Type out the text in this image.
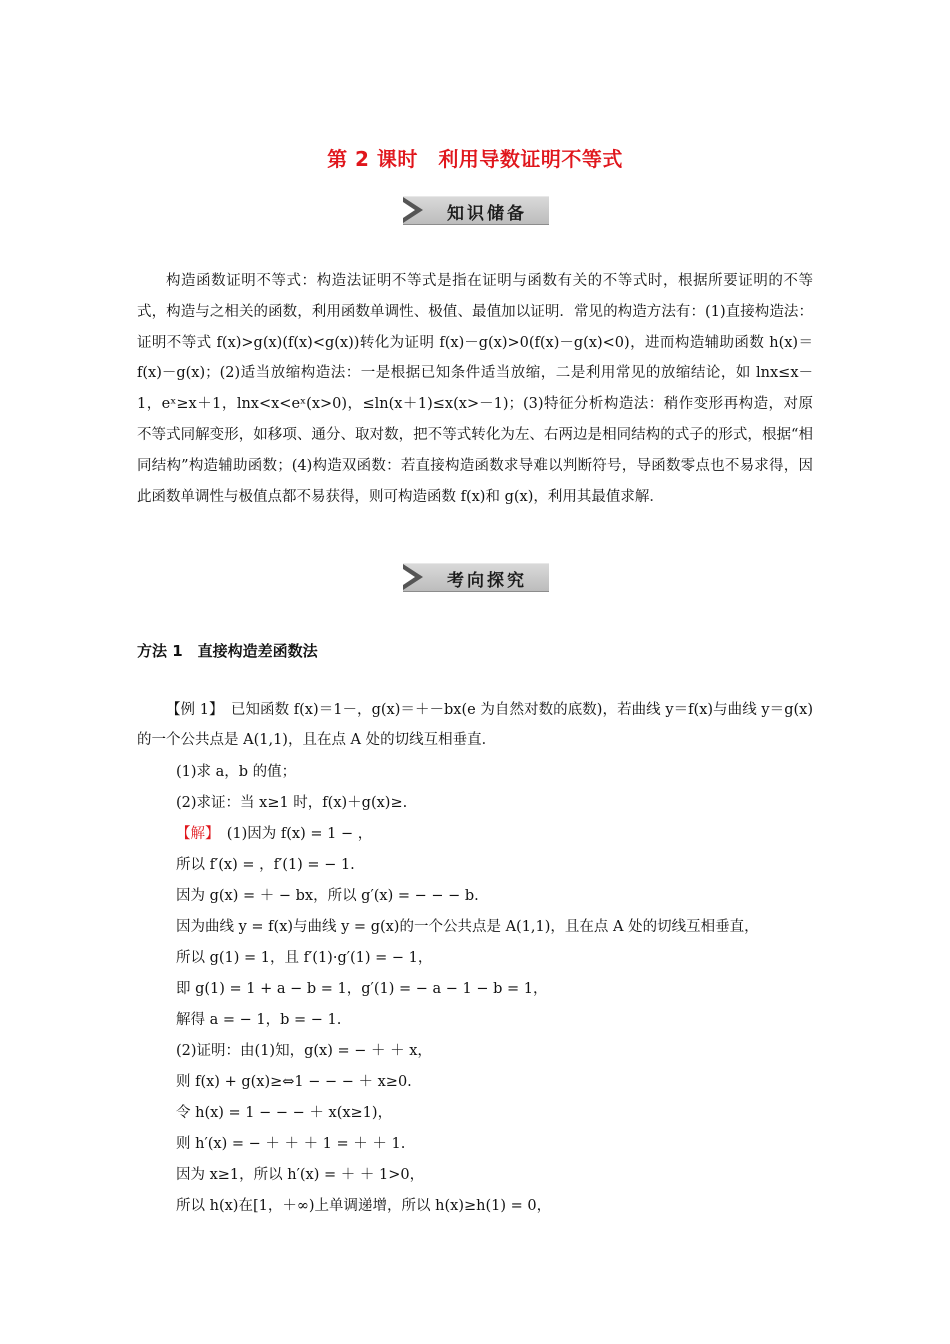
第 2 课时　利用导数证明不等式
知识储备

构造函数证明不等式：构造法证明不等式是指在证明与函数有关的不等式时，根据所要证明的不等式，构造与之相关的函数，利用函数单调性、极值、最值加以证明．常见的构造方法有：(1)直接构造法：证明不等式 f(x)>g(x)(f(x)<g(x))转化为证明 f(x)－g(x)>0(f(x)－g(x)<0)，进而构造辅助函数 h(x)＝f(x)－g(x)；(2)适当放缩构造法：一是根据已知条件适当放缩，二是利用常见的放缩结论，如 lnx≤x－1，eˣ≥x＋1，lnx<x<eˣ(x>0)，≤ln(x＋1)≤x(x>－1)；(3)特征分析构造法：稍作变形再构造，对原不等式同解变形，如移项、通分、取对数，把不等式转化为左、右两边是相同结构的式子的形式，根据“相同结构”构造辅助函数；(4)构造双函数：若直接构造函数求导难以判断符号，导函数零点也不易求得，因此函数单调性与极值点都不易获得，则可构造函数 f(x)和 g(x)，利用其最值求解．

考向探究
方法 1　直接构造差函数法

【例 1】　已知函数 f(x)＝1－，g(x)＝＋－bx(e 为自然对数的底数)，若曲线 y＝f(x)与曲线 y＝g(x)的一个公共点是 A(1,1)，且在点 A 处的切线互相垂直．

(1)求 a，b 的值；
(2)求证：当 x≥1 时，f(x)＋g(x)≥.
【解】　(1)因为 f(x) = 1 − ，
所以 f′(x) = ，f′(1) = − 1.
因为 g(x) = ＋ − bx，所以 g′(x) = − − − b.
因为曲线 y = f(x)与曲线 y = g(x)的一个公共点是 A(1,1)，且在点 A 处的切线互相垂直，
所以 g(1) = 1，且 f′(1)·g′(1) = − 1，
即 g(1) = 1 + a − b = 1，g′(1) = − a − 1 − b = 1，
解得 a = − 1，b = − 1.
(2)证明：由(1)知，g(x) = − ＋ ＋ x，
则 f(x) + g(x)≥⇔1 − − − ＋ x≥0.
令 h(x) = 1 − − − ＋ x(x≥1)，
则 h′(x) = − ＋ ＋ ＋ 1 = ＋ ＋ 1.
因为 x≥1，所以 h′(x) = ＋ ＋ 1>0，
所以 h(x)在[1，＋∞)上单调递增，所以 h(x)≥h(1) = 0，
